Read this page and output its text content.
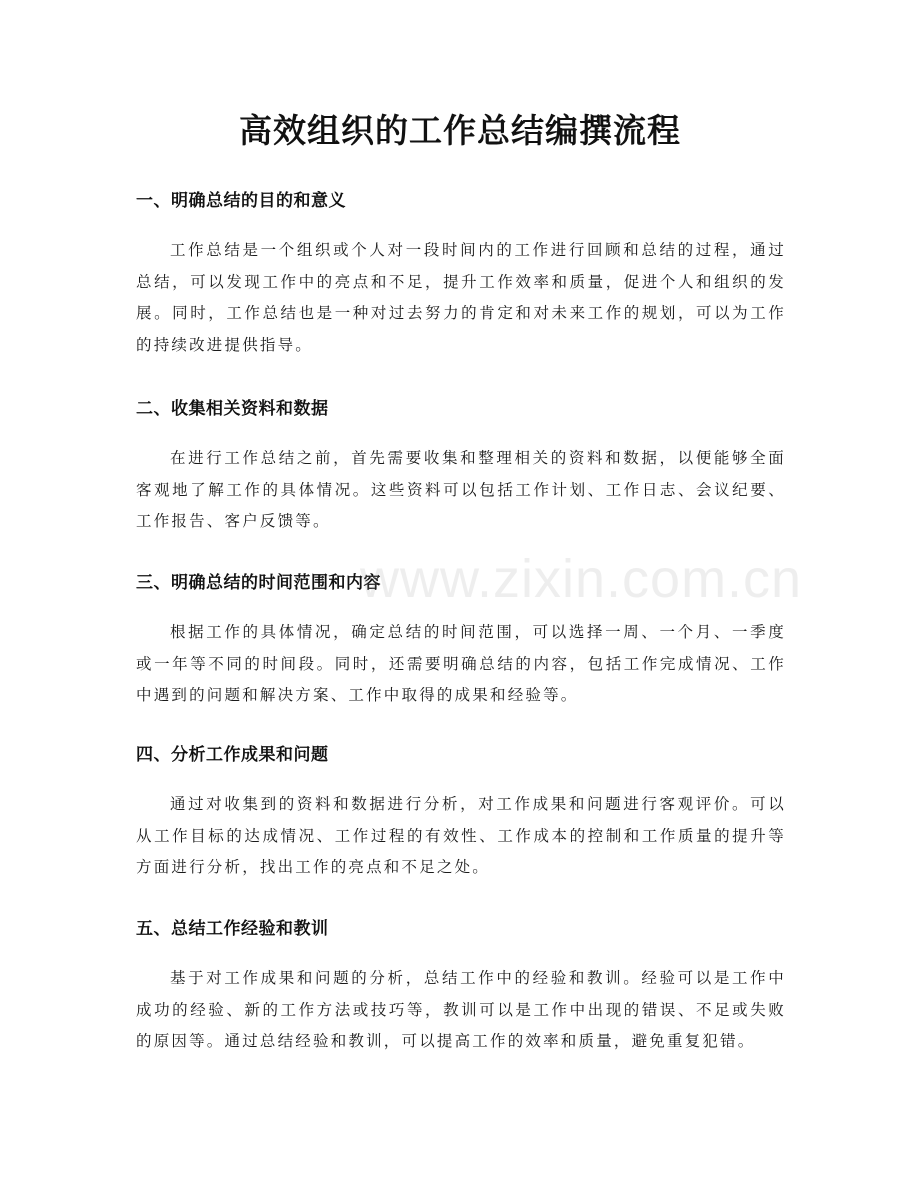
高效组织的工作总结编撰流程
一、明确总结的目的和意义

工作总结是一个组织或个人对一段时间内的工作进行回顾和总结的过程，通过总结，可以发现工作中的亮点和不足，提升工作效率和质量，促进个人和组织的发展。同时，工作总结也是一种对过去努力的肯定和对未来工作的规划，可以为工作的持续改进提供指导。

二、收集相关资料和数据

在进行工作总结之前，首先需要收集和整理相关的资料和数据，以便能够全面客观地了解工作的具体情况。这些资料可以包括工作计划、工作日志、会议纪要、工作报告、客户反馈等。

三、明确总结的时间范围和内容

根据工作的具体情况，确定总结的时间范围，可以选择一周、一个月、一季度或一年等不同的时间段。同时，还需要明确总结的内容，包括工作完成情况、工作中遇到的问题和解决方案、工作中取得的成果和经验等。

四、分析工作成果和问题

通过对收集到的资料和数据进行分析，对工作成果和问题进行客观评价。可以从工作目标的达成情况、工作过程的有效性、工作成本的控制和工作质量的提升等方面进行分析，找出工作的亮点和不足之处。

五、总结工作经验和教训

基于对工作成果和问题的分析，总结工作中的经验和教训。经验可以是工作中成功的经验、新的工作方法或技巧等，教训可以是工作中出现的错误、不足或失败的原因等。通过总结经验和教训，可以提高工作的效率和质量，避免重复犯错。

www.zixin.com.cn
